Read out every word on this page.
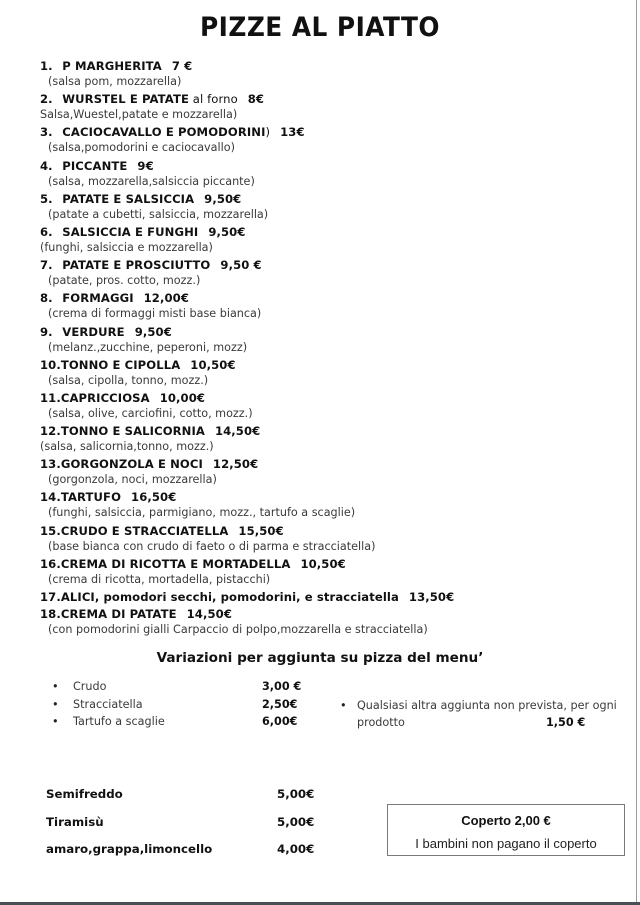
PIZZE AL PIATTO
1. P MARGHERITA 7 €
(salsa pom, mozzarella)
2. WURSTEL E PATATE al forno 8€
Salsa,Wuestel,patate e mozzarella)
3. CACIOCAVALLO E POMODORINI) 13€
(salsa,pomodorini e caciocavallo)
4. PICCANTE 9€
(salsa, mozzarella,salsiccia piccante)
5. PATATE E SALSICCIA 9,50€
(patate a cubetti, salsiccia, mozzarella)
6. SALSICCIA E FUNGHI 9,50€
(funghi, salsiccia e mozzarella)
7. PATATE E PROSCIUTTO 9,50 €
(patate, pros. cotto, mozz.)
8. FORMAGGI 12,00€
(crema di formaggi misti base bianca)
9. VERDURE 9,50€
(melanz.,zucchine, peperoni, mozz)
10.TONNO E CIPOLLA 10,50€
(salsa, cipolla, tonno, mozz.)
11.CAPRICCIOSA 10,00€
(salsa, olive, carciofini, cotto, mozz.)
12.TONNO E SALICORNIA 14,50€
(salsa, salicornia,tonno, mozz.)
13.GORGONZOLA E NOCI 12,50€
(gorgonzola, noci, mozzarella)
14.TARTUFO 16,50€
(funghi, salsiccia, parmigiano, mozz., tartufo a scaglie)
15.CRUDO E STRACCIATELLA 15,50€
(base bianca con crudo di faeto o di parma e stracciatella)
16.CREMA DI RICOTTA E MORTADELLA 10,50€
(crema di ricotta, mortadella, pistacchi)
17.ALICI, pomodori secchi, pomodorini, e stracciatella 13,50€
18.CREMA DI PATATE 14,50€
(con pomodorini gialli Carpaccio di polpo,mozzarella e stracciatella)
Variazioni per aggiunta su pizza del menu’
• Crudo	3,00 €
• Stracciatella	2,50€
• Tartufo a scaglie	6,00€
• Qualsiasi altra aggiunta non prevista, per ogni prodotto	1,50 €
Semifreddo	5,00€
Tiramisù	5,00€
amaro,grappa,limoncello	4,00€
Coperto 2,00 €
I bambini non pagano il coperto
